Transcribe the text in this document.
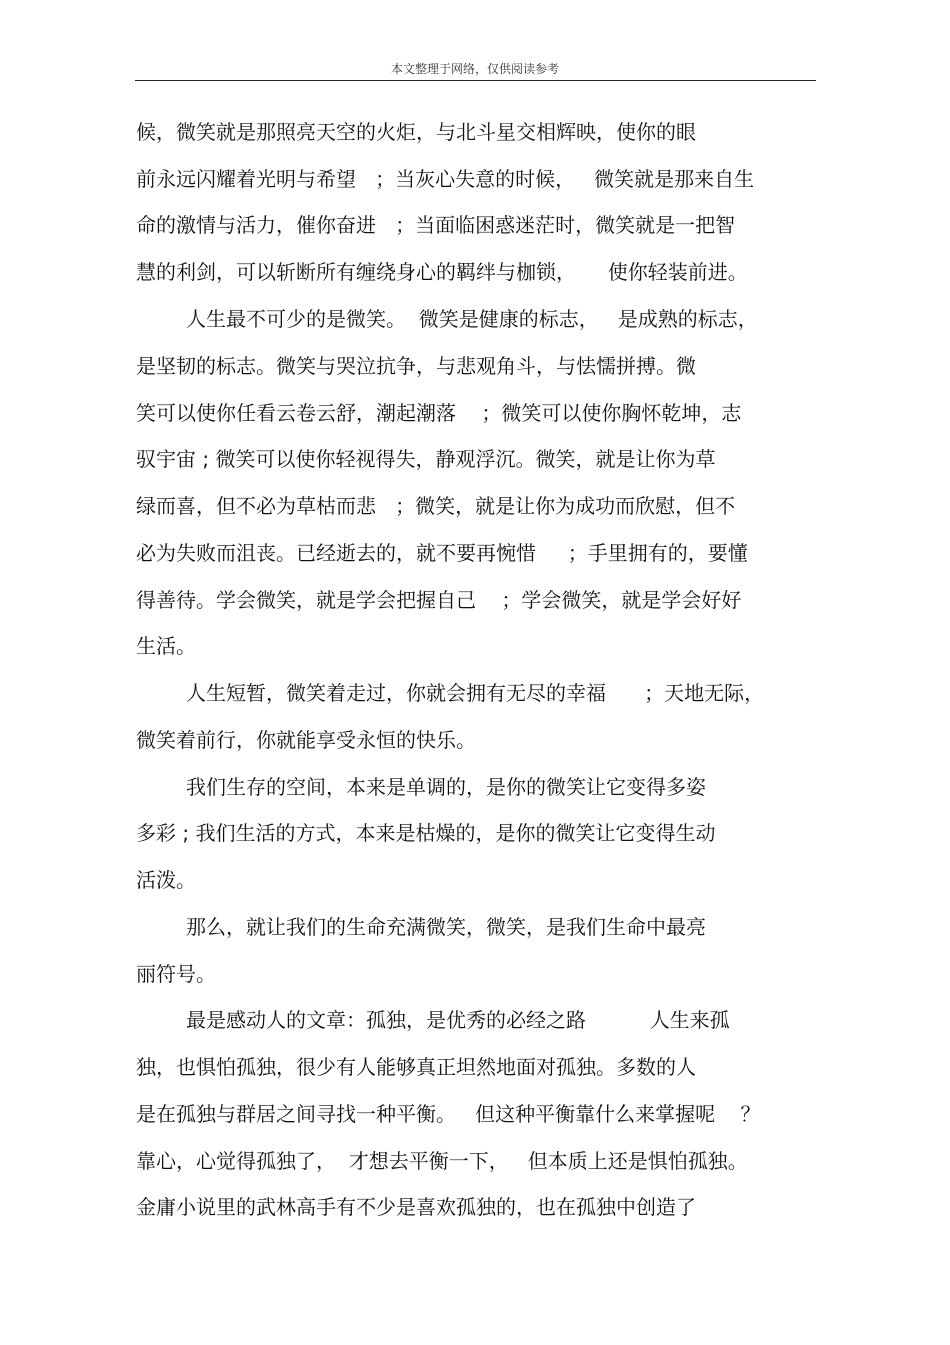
本文整理于网络，仅供阅读参考
候，微笑就是那照亮天空的火炬，与北斗星交相辉映，使你的眼
前永远闪耀着光明与希望   ；当灰心失意的时候，   微笑就是那来自生
命的激情与活力，催你奋进   ；当面临困惑迷茫时，微笑就是一把智
慧的利剑，可以斩断所有缠绕身心的羁绊与枷锁，     使你轻装前进。
人生最不可少的是微笑。  微笑是健康的标志，   是成熟的标志，
是坚韧的标志。微笑与哭泣抗争，与悲观角斗，与怯懦拼搏。微
笑可以使你任看云卷云舒，潮起潮落    ；微笑可以使你胸怀乾坤，志
驭宇宙 ; 微笑可以使你轻视得失，静观浮沉。微笑，就是让你为草
绿而喜，但不必为草枯而悲   ；微笑，就是让你为成功而欣慰，但不
必为失败而沮丧。已经逝去的，就不要再惋惜     ；手里拥有的，要懂
得善待。学会微笑，就是学会把握自己    ；学会微笑，就是学会好好
生活。
人生短暂，微笑着走过，你就会拥有无尽的幸福      ；天地无际，
微笑着前行，你就能享受永恒的快乐。
我们生存的空间，本来是单调的，是你的微笑让它变得多姿
多彩 ; 我们生活的方式，本来是枯燥的，是你的微笑让它变得生动
活泼。
那么，就让我们的生命充满微笑，微笑，是我们生命中最亮
丽符号。
最是感动人的文章：孤独，是优秀的必经之路          人生来孤
独，也惧怕孤独，很少有人能够真正坦然地面对孤独。多数的人
是在孤独与群居之间寻找一种平衡。   但这种平衡靠什么来掌握呢    ？
靠心，心觉得孤独了，  才想去平衡一下，   但本质上还是惧怕孤独。
金庸小说里的武林高手有不少是喜欢孤独的，也在孤独中创造了
